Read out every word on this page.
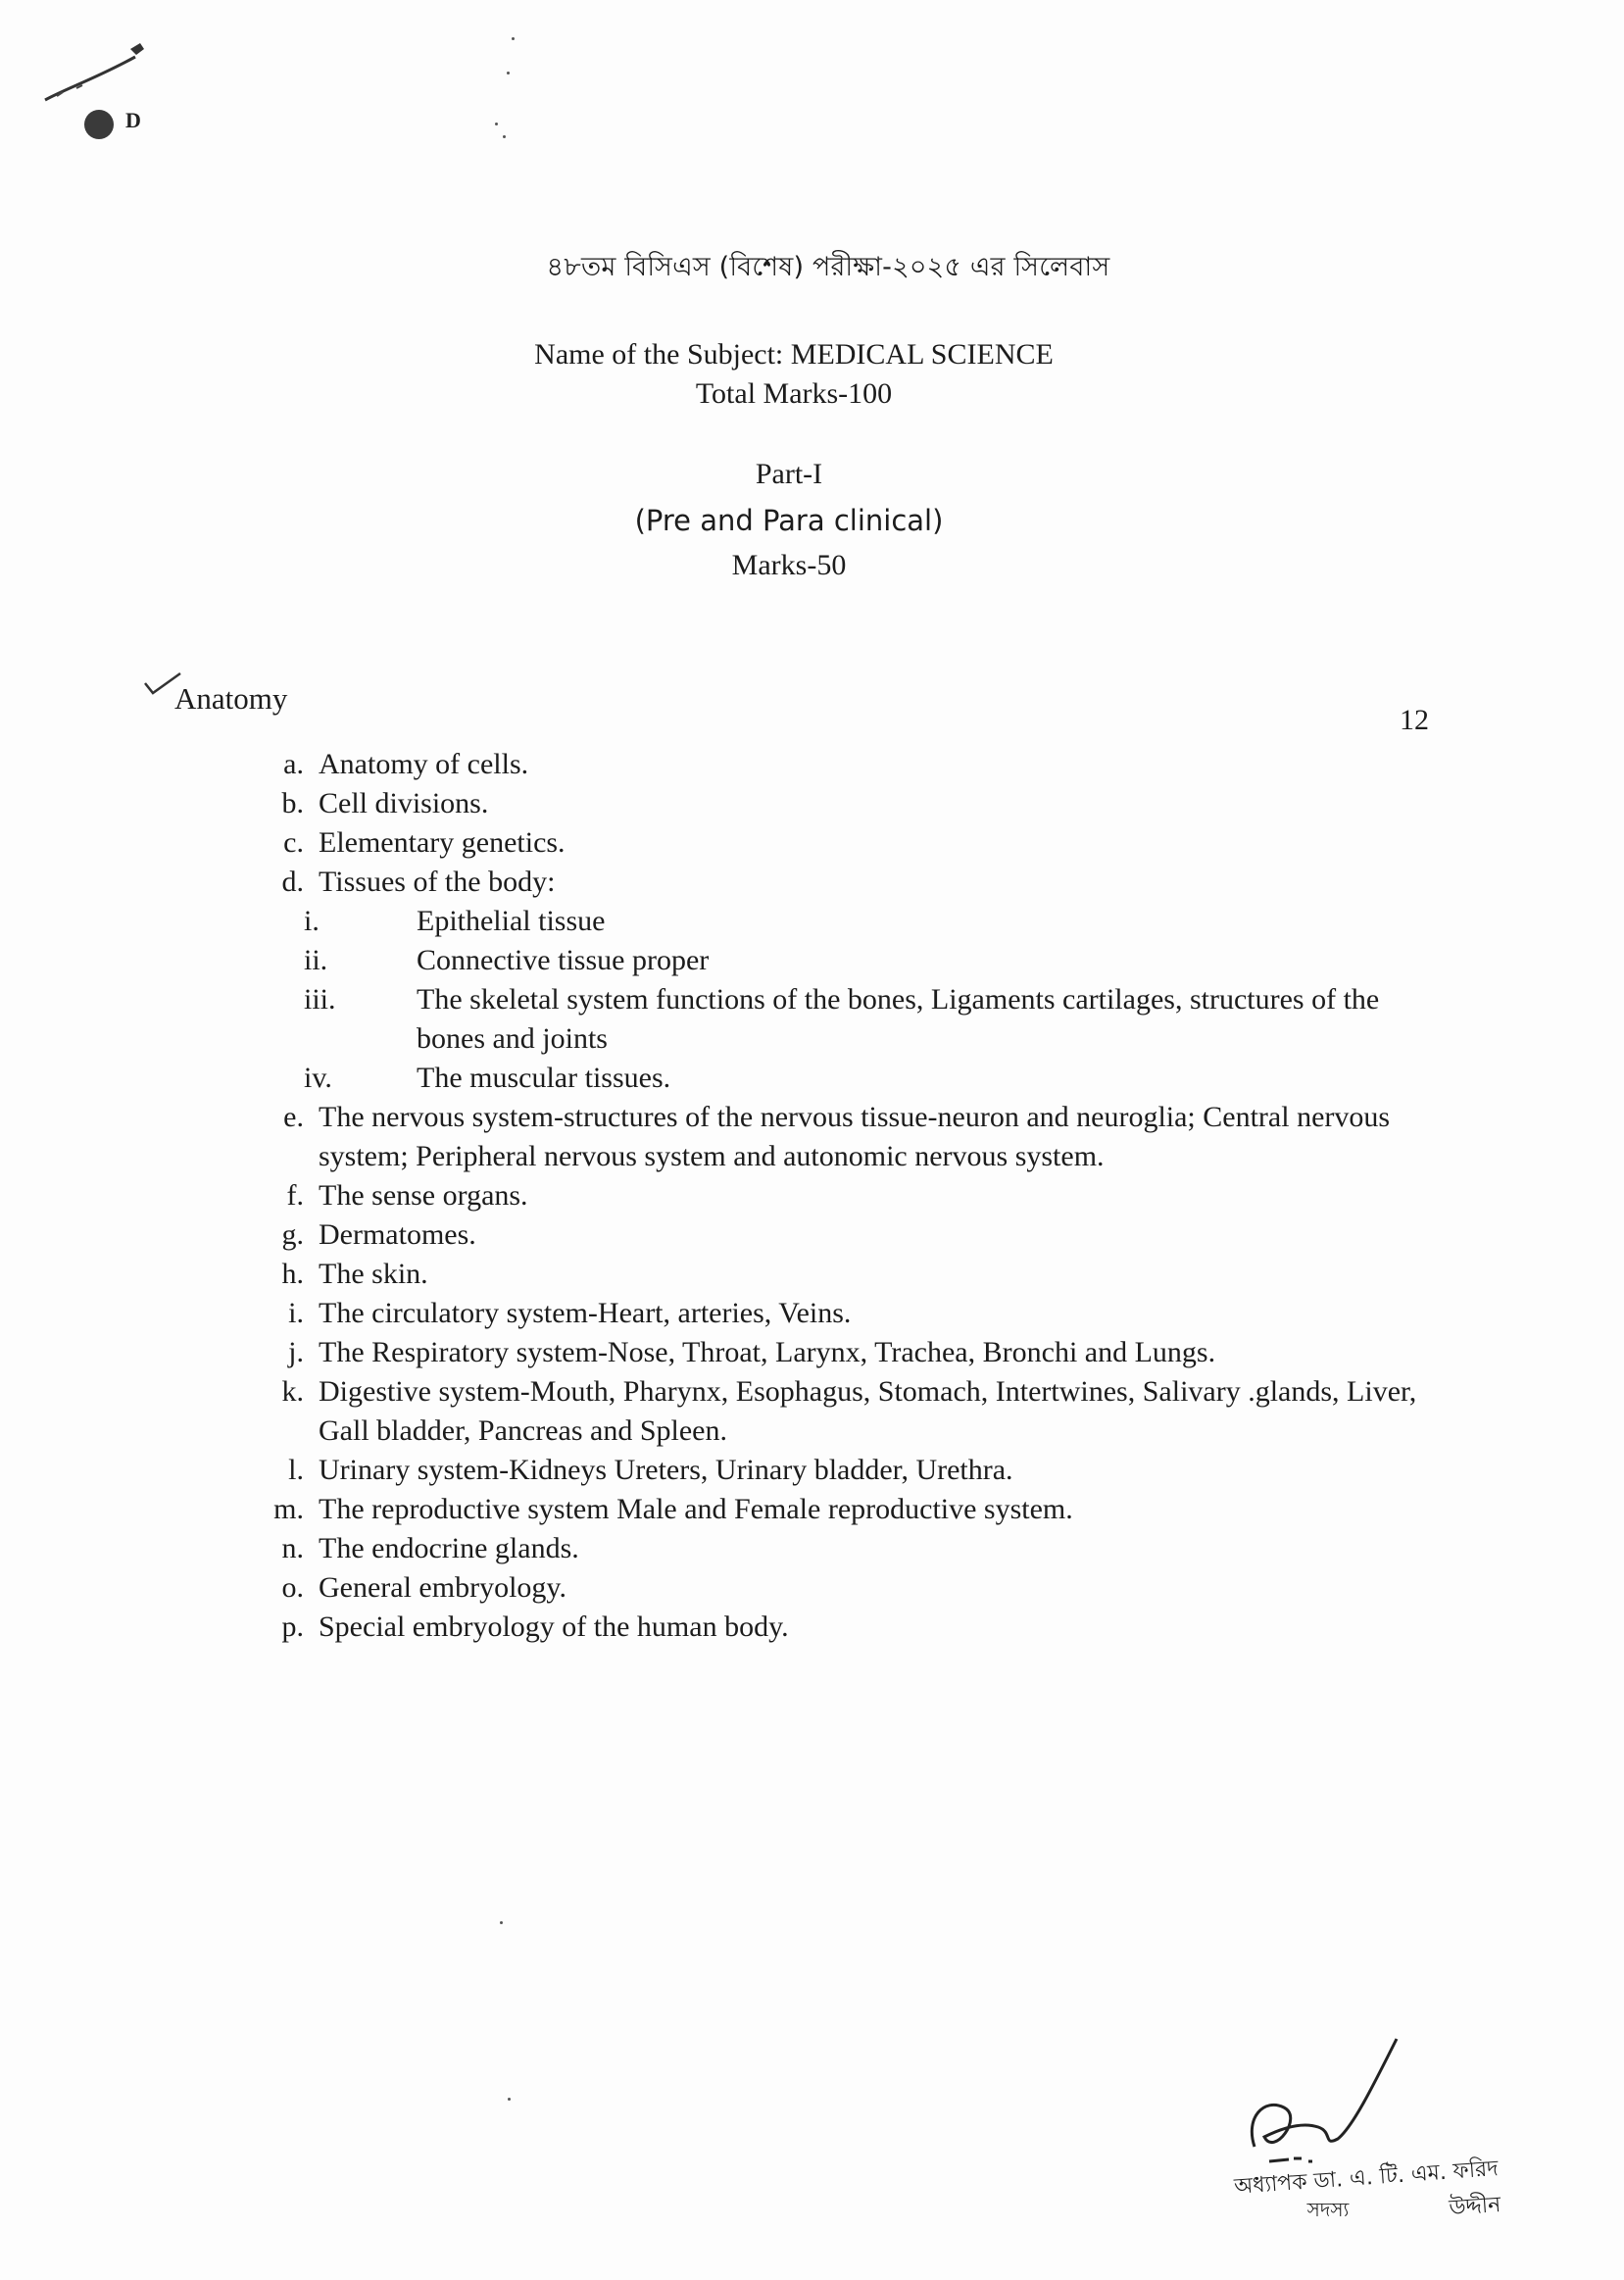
D
৪৮তম বিসিএস (বিশেষ) পরীক্ষা-২০২৫ এর সিলেবাস
Name of the Subject: MEDICAL SCIENCE
Total Marks-100
Part-I
(Pre and Para clinical)
Marks-50
Anatomy
12
a. Anatomy of cells.
b. Cell divisions.
c. Elementary genetics.
d. Tissues of the body:
i.	Epithelial tissue
ii.	Connective tissue proper
iii.	The skeletal system functions of the bones, Ligaments cartilages, structures of the bones and joints
iv.	The muscular tissues.
e. The nervous system-structures of the nervous tissue-neuron and neuroglia; Central nervous system; Peripheral nervous system and autonomic nervous system.
f. The sense organs.
g. Dermatomes.
h. The skin.
i. The circulatory system-Heart, arteries, Veins.
j. The Respiratory system-Nose, Throat, Larynx, Trachea, Bronchi and Lungs.
k. Digestive system-Mouth, Pharynx, Esophagus, Stomach, Intertwines, Salivary .glands, Liver, Gall bladder, Pancreas and Spleen.
l. Urinary system-Kidneys Ureters, Urinary bladder, Urethra.
m. The reproductive system Male and Female reproductive system.
n. The endocrine glands.
o. General embryology.
p. Special embryology of the human body.
অধ্যাপক ডা. এ. টি. এম. ফরিদ উদ্দীন
সদস্য
